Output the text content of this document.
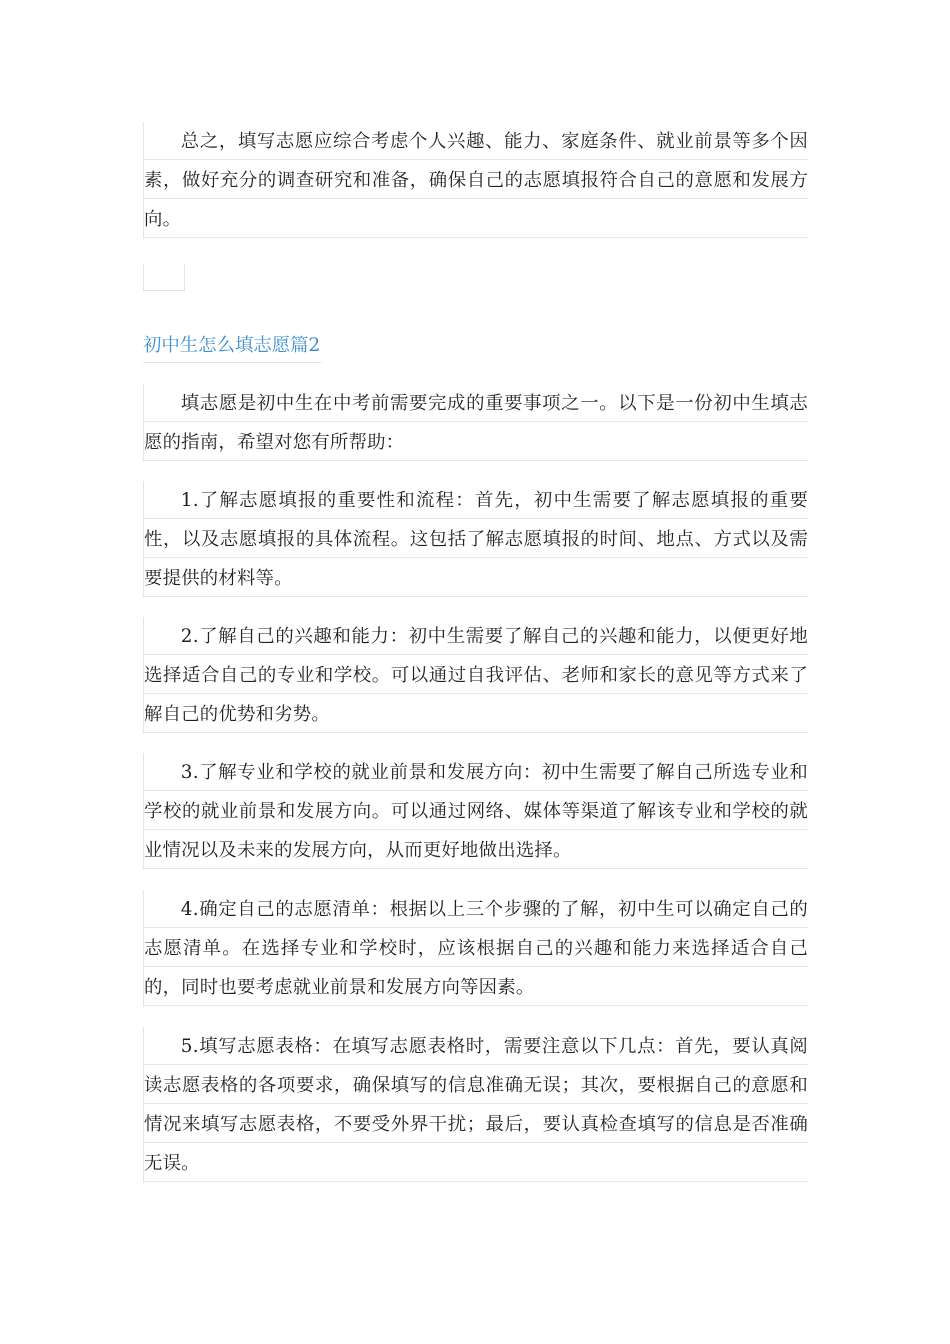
总之，填写志愿应综合考虑个人兴趣、能力、家庭条件、就业前景等多个因素，做好充分的调查研究和准备，确保自己的志愿填报符合自己的意愿和发展方向。

初中生怎么填志愿篇2

填志愿是初中生在中考前需要完成的重要事项之一。以下是一份初中生填志愿的指南，希望对您有所帮助：

1.了解志愿填报的重要性和流程：首先，初中生需要了解志愿填报的重要性，以及志愿填报的具体流程。这包括了解志愿填报的时间、地点、方式以及需要提供的材料等。

2.了解自己的兴趣和能力：初中生需要了解自己的兴趣和能力，以便更好地选择适合自己的专业和学校。可以通过自我评估、老师和家长的意见等方式来了解自己的优势和劣势。

3.了解专业和学校的就业前景和发展方向：初中生需要了解自己所选专业和学校的就业前景和发展方向。可以通过网络、媒体等渠道了解该专业和学校的就业情况以及未来的发展方向，从而更好地做出选择。

4.确定自己的志愿清单：根据以上三个步骤的了解，初中生可以确定自己的志愿清单。在选择专业和学校时，应该根据自己的兴趣和能力来选择适合自己的，同时也要考虑就业前景和发展方向等因素。

5.填写志愿表格：在填写志愿表格时，需要注意以下几点：首先，要认真阅读志愿表格的各项要求，确保填写的信息准确无误；其次，要根据自己的意愿和情况来填写志愿表格，不要受外界干扰；最后，要认真检查填写的信息是否准确无误。
